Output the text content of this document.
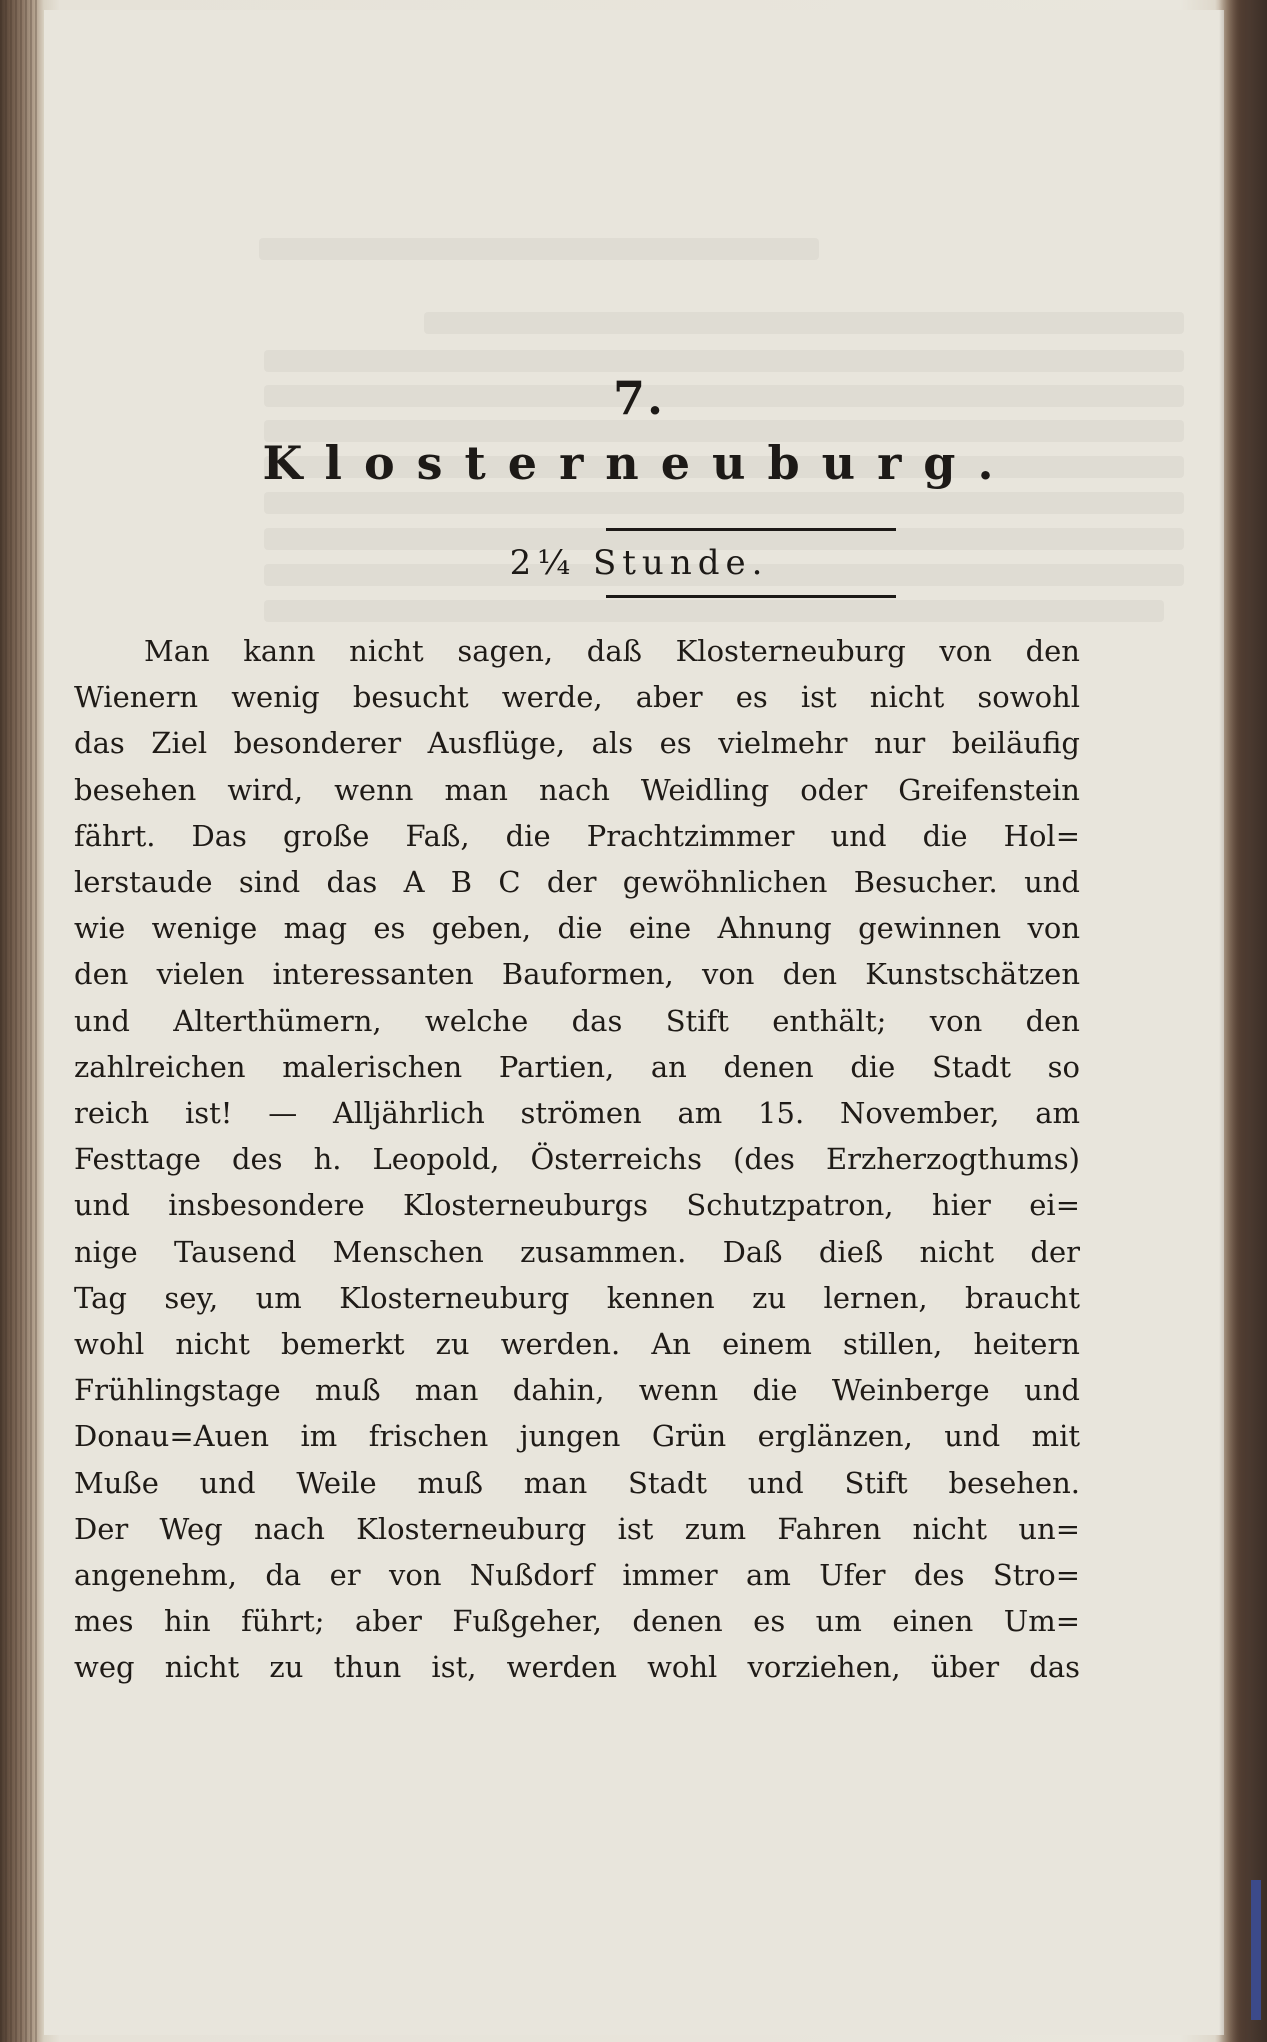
7.
Klosterneuburg.
2¼ Stunde.
Man kann nicht sagen, daß Klosterneuburg von den
Wienern wenig besucht werde, aber es ist nicht sowohl
das Ziel besonderer Ausflüge, als es vielmehr nur beiläufig
besehen wird, wenn man nach Weidling oder Greifenstein
fährt. Das große Faß, die Prachtzimmer und die Hol=
lerstaude sind das A B C der gewöhnlichen Besucher. und
wie wenige mag es geben, die eine Ahnung gewinnen von
den vielen interessanten Bauformen, von den Kunstschätzen
und Alterthümern, welche das Stift enthält; von den
zahlreichen malerischen Partien, an denen die Stadt so
reich ist! — Alljährlich strömen am 15. November, am
Festtage des h. Leopold, Österreichs (des Erzherzogthums)
und insbesondere Klosterneuburgs Schutzpatron, hier ei=
nige Tausend Menschen zusammen. Daß dieß nicht der
Tag sey, um Klosterneuburg kennen zu lernen, braucht
wohl nicht bemerkt zu werden. An einem stillen, heitern
Frühlingstage muß man dahin, wenn die Weinberge und
Donau=Auen im frischen jungen Grün erglänzen, und mit
Muße und Weile muß man Stadt und Stift besehen.
Der Weg nach Klosterneuburg ist zum Fahren nicht un=
angenehm, da er von Nußdorf immer am Ufer des Stro=
mes hin führt; aber Fußgeher, denen es um einen Um=
weg nicht zu thun ist, werden wohl vorziehen, über das
